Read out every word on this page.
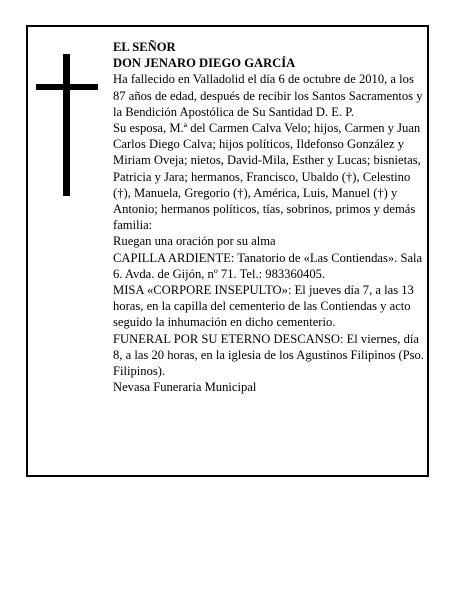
EL SEÑOR

DON JENARO DIEGO GARCÍA

Ha fallecido en Valladolid el día 6 de octubre de 2010, a los 87 años de edad, después de recibir los Santos Sacramentos y la Bendición Apostólica de Su Santidad D. E. P.

Su esposa, M.ª del Carmen Calva Velo; hijos, Carmen y Juan Carlos Diego Calva; hijos políticos, Ildefonso González y Miriam Oveja; nietos, David-Mila, Esther y Lucas; bisnietas, Patricia y Jara; hermanos, Francisco, Ubaldo (†), Celestino (†), Manuela, Gregorio (†), América, Luis, Manuel (†) y Antonio; hermanos políticos, tías, sobrinos, primos y demás familia:

Ruegan una oración por su alma

CAPILLA ARDIENTE: Tanatorio de «Las Contiendas». Sala 6. Avda. de Gijón, nº 71. Tel.: 983360405.

MISA «CORPORE INSEPULTO»: El jueves día 7, a las 13 horas, en la capilla del cementerio de las Contiendas y acto seguido la inhumación en dicho cementerio.

FUNERAL POR SU ETERNO DESCANSO: El viernes, día 8, a las 20 horas, en la iglesia de los Agustinos Filipinos (Pso. Filipinos).

Nevasa Funeraria Municipal
